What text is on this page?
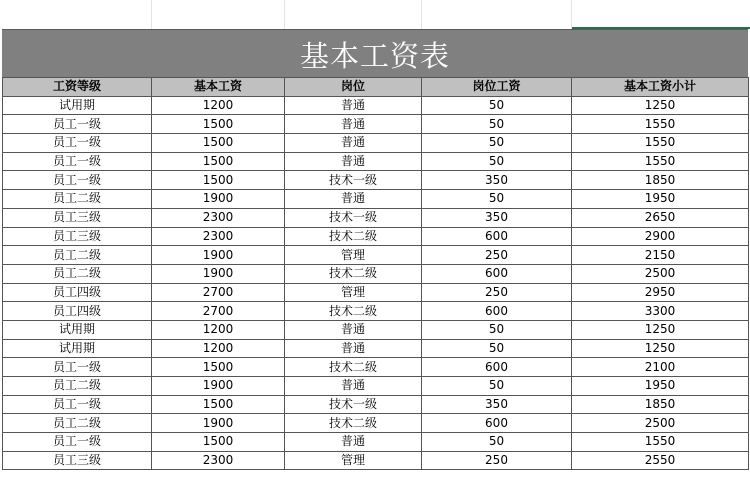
基本工资表
工资等级	基本工资	岗位	岗位工资	基本工资小计
试用期	1200	普通	50	1250
员工一级	1500	普通	50	1550
员工一级	1500	普通	50	1550
员工一级	1500	普通	50	1550
员工一级	1500	技术一级	350	1850
员工二级	1900	普通	50	1950
员工三级	2300	技术一级	350	2650
员工三级	2300	技术二级	600	2900
员工二级	1900	管理	250	2150
员工二级	1900	技术二级	600	2500
员工四级	2700	管理	250	2950
员工四级	2700	技术二级	600	3300
试用期	1200	普通	50	1250
试用期	1200	普通	50	1250
员工一级	1500	技术二级	600	2100
员工二级	1900	普通	50	1950
员工一级	1500	技术一级	350	1850
员工二级	1900	技术二级	600	2500
员工一级	1500	普通	50	1550
员工三级	2300	管理	250	2550
